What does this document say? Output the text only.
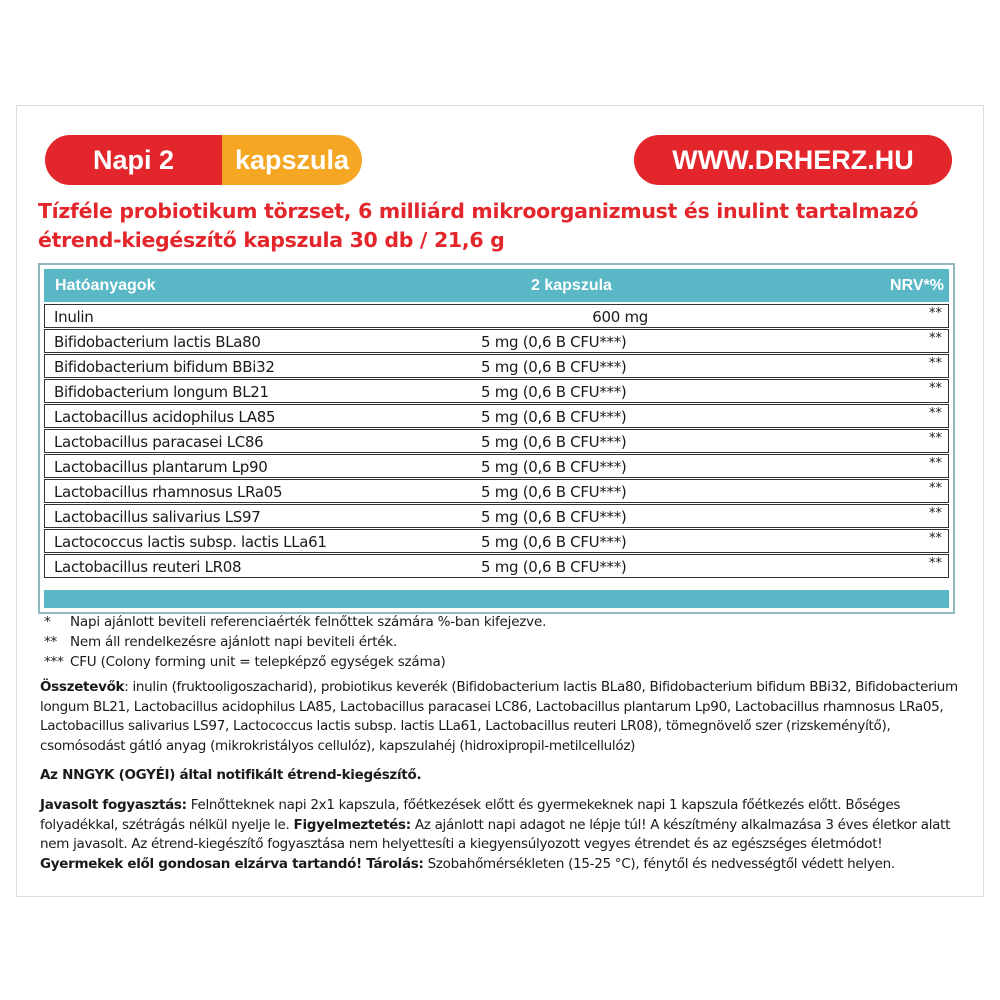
Napi 2	kapszula	WWW.DRHERZ.HU
Tízféle probiotikum törzset, 6 milliárd mikroorganizmust és inulint tartalmazó
étrend-kiegészítő kapszula 30 db / 21,6 g
Hatóanyagok	2 kapszula	NRV*%
Inulin	600 mg	**
Bifidobacterium lactis BLa80	5 mg (0,6 B CFU***)	**
Bifidobacterium bifidum BBi32	5 mg (0,6 B CFU***)	**
Bifidobacterium longum BL21	5 mg (0,6 B CFU***)	**
Lactobacillus acidophilus LA85	5 mg (0,6 B CFU***)	**
Lactobacillus paracasei LC86	5 mg (0,6 B CFU***)	**
Lactobacillus plantarum Lp90	5 mg (0,6 B CFU***)	**
Lactobacillus rhamnosus LRa05	5 mg (0,6 B CFU***)	**
Lactobacillus salivarius LS97	5 mg (0,6 B CFU***)	**
Lactococcus lactis subsp. lactis LLa61	5 mg (0,6 B CFU***)	**
Lactobacillus reuteri LR08	5 mg (0,6 B CFU***)	**
*	Napi ajánlott beviteli referenciaérték felnőttek számára %-ban kifejezve.
** Nem áll rendelkezésre ajánlott napi beviteli érték.
*** CFU (Colony forming unit = telepképző egységek száma)
Összetevők: inulin (fruktooligoszacharid), probiotikus keverék (Bifidobacterium lactis BLa80, Bifidobacterium bifidum BBi32, Bifidobacterium longum BL21, Lactobacillus acidophilus LA85, Lactobacillus paracasei LC86, Lactobacillus plantarum Lp90, Lactobacillus rhamnosus LRa05, Lactobacillus salivarius LS97, Lactococcus lactis subsp. lactis LLa61, Lactobacillus reuteri LR08), tömegnövelő szer (rizskeményítő), csomósodást gátló anyag (mikrokristályos cellulóz), kapszulahéj (hidroxipropil-metilcellulóz)
Az NNGYK (OGYÉI) által notifikált étrend-kiegészítő.
Javasolt fogyasztás: Felnőtteknek napi 2x1 kapszula, főétkezések előtt és gyermekeknek napi 1 kapszula főétkezés előtt. Bőséges folyadékkal, szétrágás nélkül nyelje le. Figyelmeztetés: Az ajánlott napi adagot ne lépje túl! A készítmény alkalmazása 3 éves életkor alatt nem javasolt. Az étrend-kiegészítő fogyasztása nem helyettesíti a kiegyensúlyozott vegyes étrendet és az egészséges életmódot!
Gyermekek elől gondosan elzárva tartandó! Tárolás: Szobahőmérsékleten (15-25 °C), fénytől és nedvességtől védett helyen.
